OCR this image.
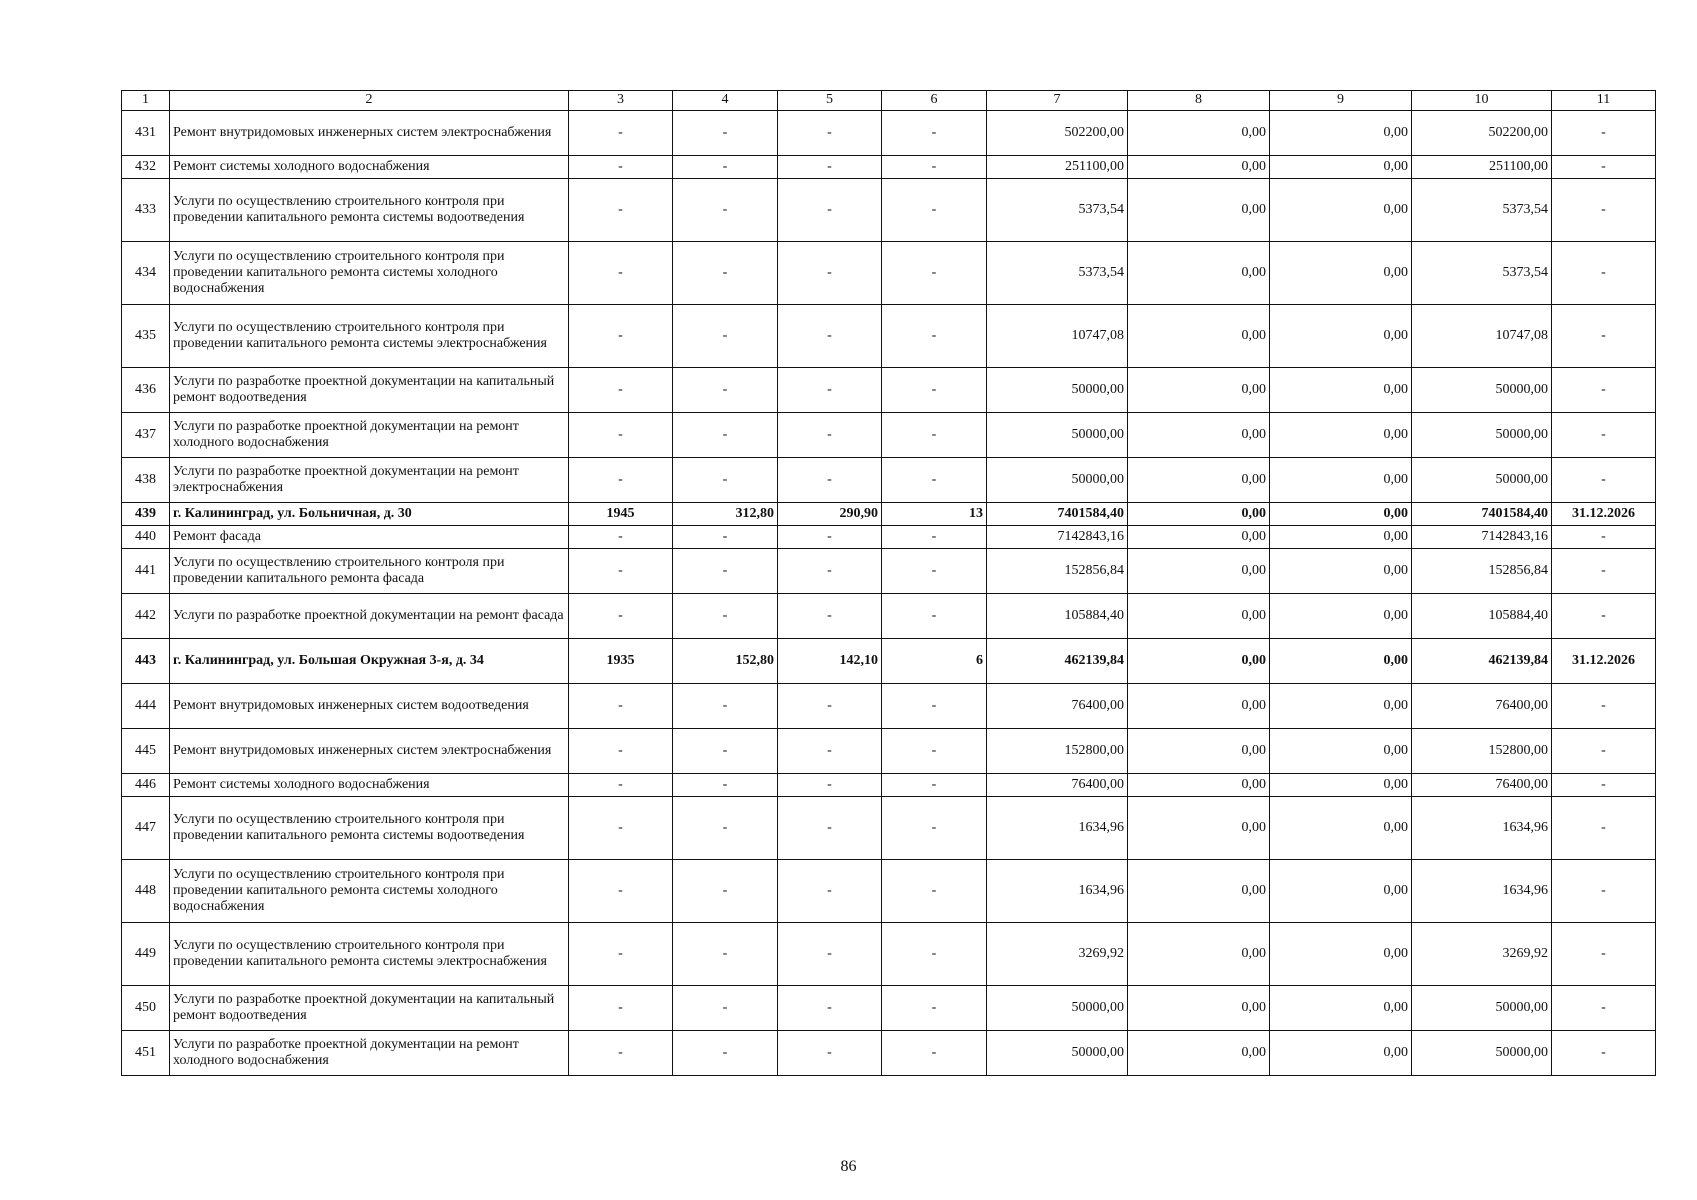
1	2	3	4	5	6	7	8	9	10	11
431	Ремонт внутридомовых инженерных систем электроснабжения	-	-	-	-	502200,00	0,00	0,00	502200,00	-
432	Ремонт системы холодного водоснабжения	-	-	-	-	251100,00	0,00	0,00	251100,00	-
433	Услуги по осуществлению строительного контроля при проведении капитального ремонта системы водоотведения	-	-	-	-	5373,54	0,00	0,00	5373,54	-
434	Услуги по осуществлению строительного контроля при проведении капитального ремонта системы холодного водоснабжения	-	-	-	-	5373,54	0,00	0,00	5373,54	-
435	Услуги по осуществлению строительного контроля при проведении капитального ремонта системы электроснабжения	-	-	-	-	10747,08	0,00	0,00	10747,08	-
436	Услуги по разработке проектной документации на капитальный ремонт водоотведения	-	-	-	-	50000,00	0,00	0,00	50000,00	-
437	Услуги по разработке проектной документации на ремонт холодного водоснабжения	-	-	-	-	50000,00	0,00	0,00	50000,00	-
438	Услуги по разработке проектной документации на ремонт электроснабжения	-	-	-	-	50000,00	0,00	0,00	50000,00	-
439	г. Калининград, ул. Больничная, д. 30	1945	312,80	290,90	13	7401584,40	0,00	0,00	7401584,40	31.12.2026
440	Ремонт фасада	-	-	-	-	7142843,16	0,00	0,00	7142843,16	-
441	Услуги по осуществлению строительного контроля при проведении капитального ремонта фасада	-	-	-	-	152856,84	0,00	0,00	152856,84	-
442	Услуги по разработке проектной документации на ремонт фасада	-	-	-	-	105884,40	0,00	0,00	105884,40	-
443	г. Калининград, ул. Большая Окружная 3-я, д. 34	1935	152,80	142,10	6	462139,84	0,00	0,00	462139,84	31.12.2026
444	Ремонт внутридомовых инженерных систем водоотведения	-	-	-	-	76400,00	0,00	0,00	76400,00	-
445	Ремонт внутридомовых инженерных систем электроснабжения	-	-	-	-	152800,00	0,00	0,00	152800,00	-
446	Ремонт системы холодного водоснабжения	-	-	-	-	76400,00	0,00	0,00	76400,00	-
447	Услуги по осуществлению строительного контроля при проведении капитального ремонта системы водоотведения	-	-	-	-	1634,96	0,00	0,00	1634,96	-
448	Услуги по осуществлению строительного контроля при проведении капитального ремонта системы холодного водоснабжения	-	-	-	-	1634,96	0,00	0,00	1634,96	-
449	Услуги по осуществлению строительного контроля при проведении капитального ремонта системы электроснабжения	-	-	-	-	3269,92	0,00	0,00	3269,92	-
450	Услуги по разработке проектной документации на капитальный ремонт водоотведения	-	-	-	-	50000,00	0,00	0,00	50000,00	-
451	Услуги по разработке проектной документации на ремонт холодного водоснабжения	-	-	-	-	50000,00	0,00	0,00	50000,00	-
86
